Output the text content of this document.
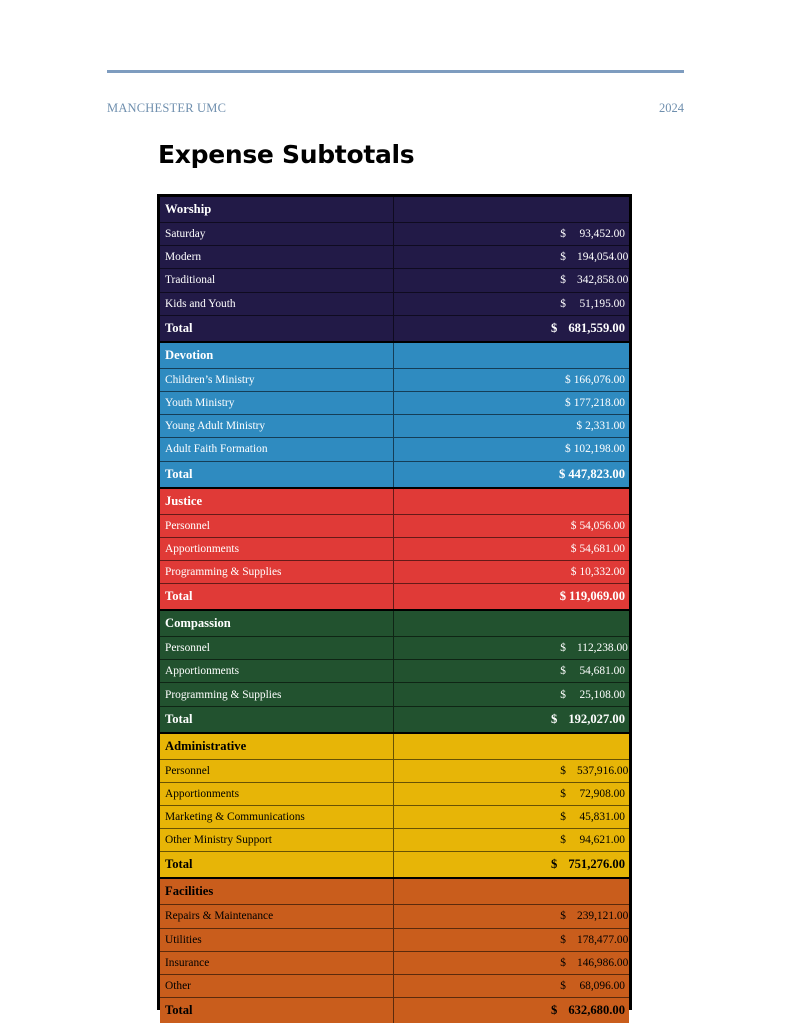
MANCHESTER UMC	2024
Expense Subtotals
Worship
Saturday	$ 93,452.00
Modern	$ 194,054.00
Traditional	$ 342,858.00
Kids and Youth	$ 51,195.00
Total	$ 681,559.00
Devotion
Children’s Ministry	$ 166,076.00
Youth Ministry	$ 177,218.00
Young Adult Ministry	$ 2,331.00
Adult Faith Formation	$ 102,198.00
Total	$ 447,823.00
Justice
Personnel	$ 54,056.00
Apportionments	$ 54,681.00
Programming & Supplies	$ 10,332.00
Total	$ 119,069.00
Compassion
Personnel	$ 112,238.00
Apportionments	$ 54,681.00
Programming & Supplies	$ 25,108.00
Total	$ 192,027.00
Administrative
Personnel	$ 537,916.00
Apportionments	$ 72,908.00
Marketing & Communications	$ 45,831.00
Other Ministry Support	$ 94,621.00
Total	$ 751,276.00
Facilities
Repairs & Maintenance	$ 239,121.00
Utilities	$ 178,477.00
Insurance	$ 146,986.00
Other	$ 68,096.00
Total	$ 632,680.00
